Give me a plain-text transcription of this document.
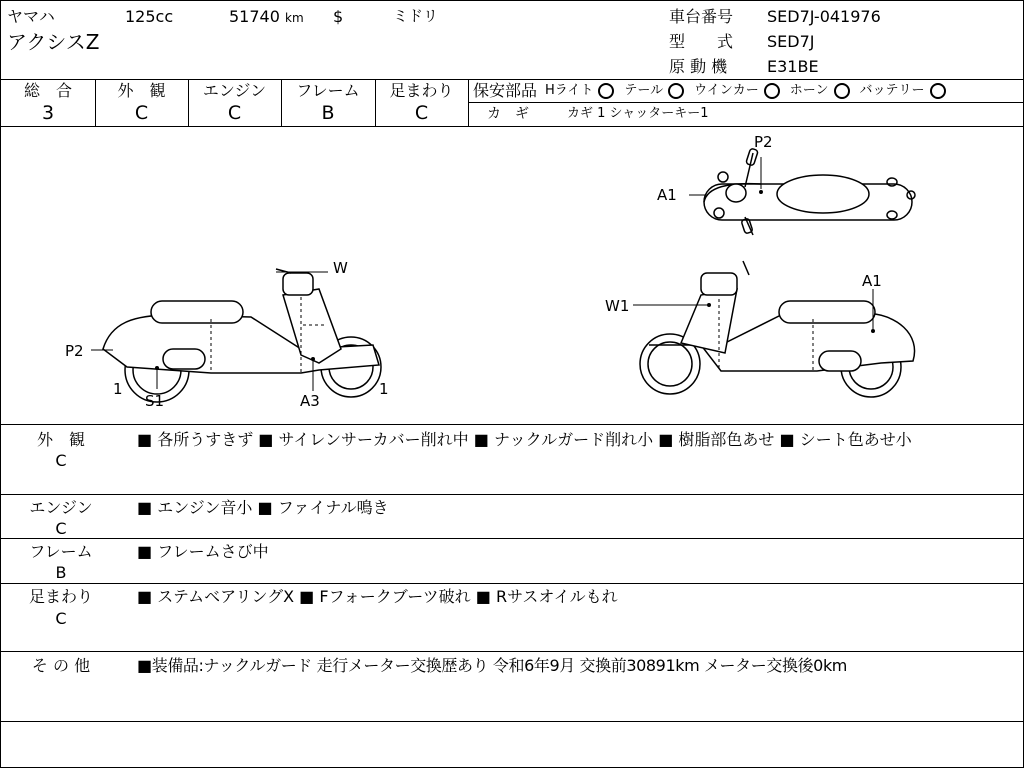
ヤマハ	125cc	51740 km $	ミドリ
アクシスZ
車台番号 SED7J-041976
型　　式 SED7J
原 動 機 E31BE
総　合
3
外　観
C
エンジン
C
フレーム
B
足まわり
C
保安部品 Hライト テール ウインカー ホーン バッテリー
カ　ギ	カギ 1 シャッターキー1
P2
A1
W
P2
1
S1	A3
1
A1
W1
外　観
C
■ 各所うすきず ■ サイレンサーカバー削れ中 ■ ナックルガード削れ小 ■ 樹脂部色あせ ■ シート色あせ小
エンジン
C
■ エンジン音小 ■ ファイナル鳴き
フレーム
B
■ フレームさび中
足まわり
C
■ ステムベアリングX ■ Fフォークブーツ破れ ■ Rサスオイルもれ
そ の 他	■装備品:ナックルガード 走行メーター交換歴あり 令和6年9月 交換前30891km メーター交換後0km
